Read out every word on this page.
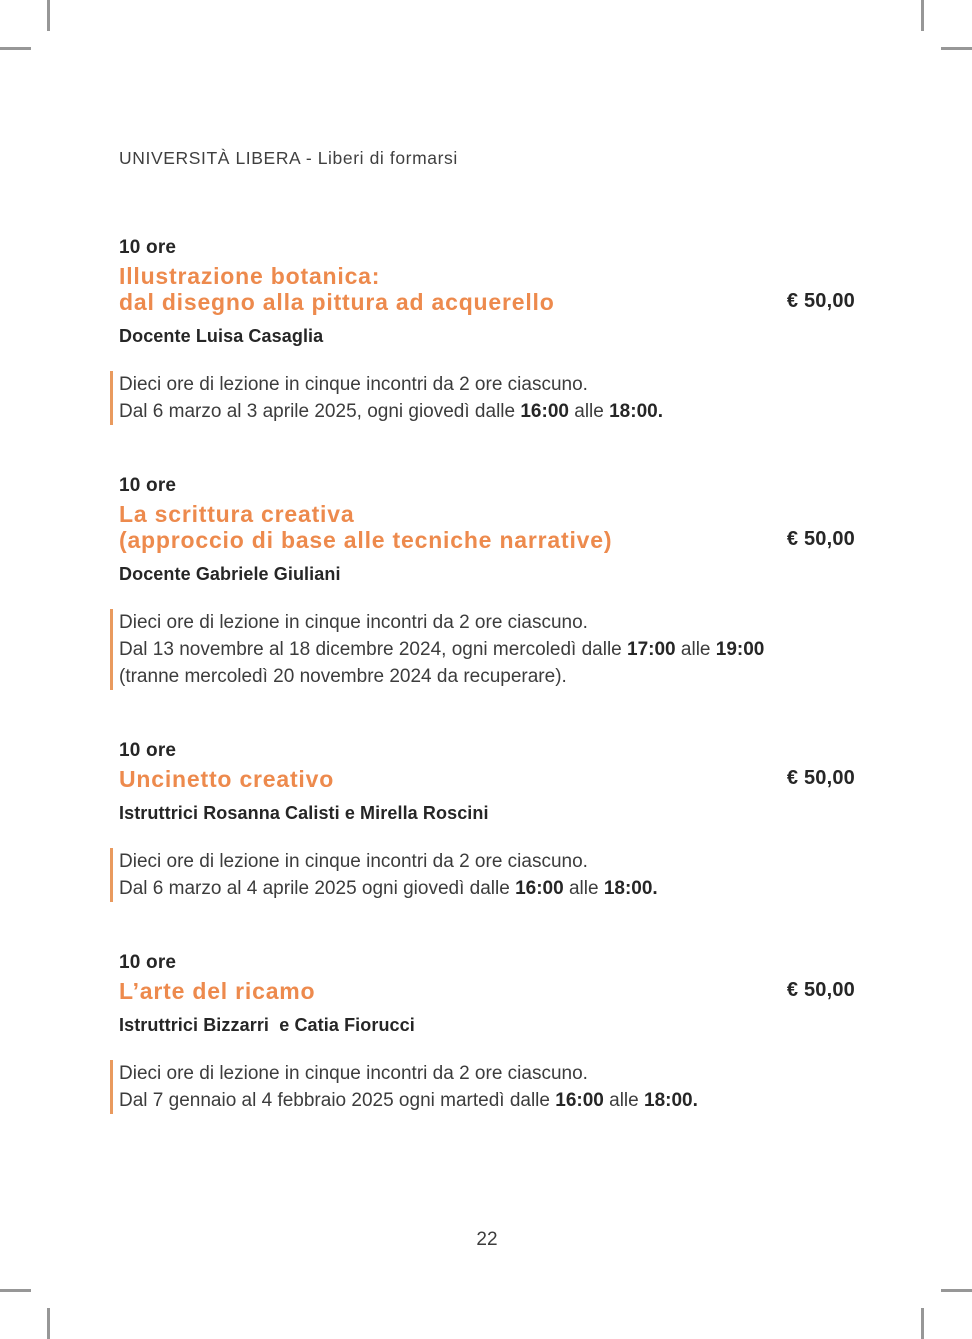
UNIVERSITÀ LIBERA - Liberi di formarsi
10 ore
Illustrazione botanica:
dal disegno alla pittura ad acquerello	€ 50,00
Docente Luisa Casaglia
Dieci ore di lezione in cinque incontri da 2 ore ciascuno.
Dal 6 marzo al 3 aprile 2025, ogni giovedì dalle 16:00 alle 18:00.
10 ore
La scrittura creativa
(approccio di base alle tecniche narrative)	€ 50,00
Docente Gabriele Giuliani
Dieci ore di lezione in cinque incontri da 2 ore ciascuno.
Dal 13 novembre al 18 dicembre 2024, ogni mercoledì dalle 17:00 alle 19:00
(tranne mercoledì 20 novembre 2024 da recuperare).
10 ore
Uncinetto creativo	€ 50,00
Istruttrici Rosanna Calisti e Mirella Roscini
Dieci ore di lezione in cinque incontri da 2 ore ciascuno.
Dal 6 marzo al 4 aprile 2025 ogni giovedì dalle 16:00 alle 18:00.
10 ore
L’arte del ricamo	€ 50,00
Istruttrici Bizzarri  e Catia Fiorucci
Dieci ore di lezione in cinque incontri da 2 ore ciascuno.
Dal 7 gennaio al 4 febbraio 2025 ogni martedì dalle 16:00 alle 18:00.
22
